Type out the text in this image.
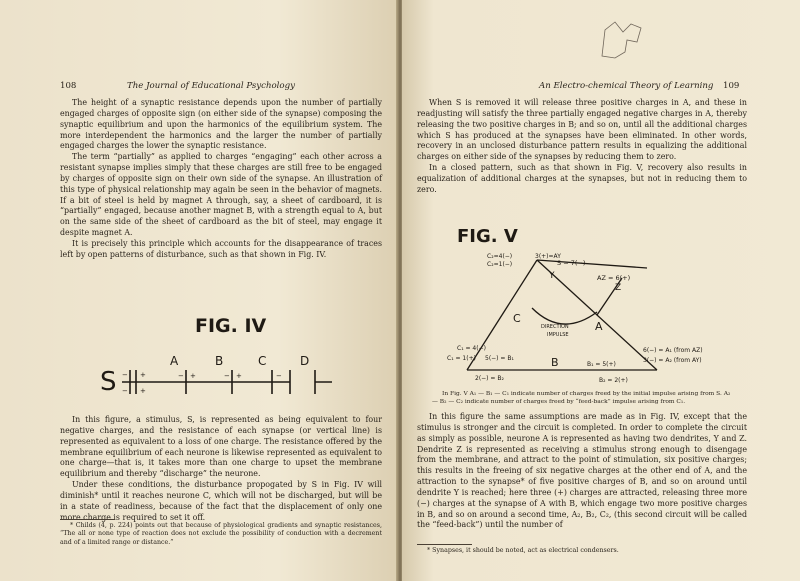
108	The Journal of Educational Psychology

The height of a synaptic resistance depends upon the number of partially engaged charges of opposite sign (on either side of the synapse) composing the synaptic equilibrium and upon the harmonics of the equilibrium system. The more interdependent the harmonics and the larger the number of partially engaged charges the lower the synaptic resistance.

The term “partially” as applied to charges “engaging” each other across a resistant synapse implies simply that these charges are still free to be engaged by charges of opposite sign on their own side of the synapse. An illustration of this type of physical relationship may again be seen in the behavior of magnets. If a bit of steel is held by magnet A through, say, a sheet of cardboard, it is “partially” engaged, because another magnet B, with a strength equal to A, but on the same side of the sheet of cardboard as the bit of steel, may engage it despite magnet A.

It is precisely this principle which accounts for the disappearance of traces left by open patterns of disturbance, such as that shown in Fig. IV.

FIG. IV
S
A	B	C	D
+
+
−
−
+
−	+
−	−

In this figure, a stimulus, S, is represented as being equivalent to four negative charges, and the resistance of each synapse (or vertical line) is represented as equivalent to a loss of one charge. The resistance offered by the membrane equilibrium of each neurone is likewise represented as equivalent to one charge—that is, it takes more than one charge to upset the membrane equilibrium and thereby “discharge” the neurone.

Under these conditions, the disturbance propogated by S in Fig. IV will diminish* until it reaches neurone C, which will not be discharged, but will be in a state of readiness, because of the fact that the displacement of only one more charge is required to set it off.

* Childs (4, p. 224) points out that because of physiological gradients and synaptic resistances, “The all or none type of reaction does not exclude the possibility of conduction with a decrement and of a limited range or distance.”

An Electro-chemical Theory of Learning 109

When S is removed it will release three positive charges in A, and these in readjusting will satisfy the three partially engaged negative charges in A, thereby releasing the two positive charges in B; and so on, until all the additional charges which S has produced at the synapses have been eliminated. In other words, recovery in an unclosed disturbance pattern results in equalizing the additional charges on either side of the synapses by reducing them to zero.

In a closed pattern, such as that shown in Fig. V, recovery also results in equalization of additional charges at the synapses, but not in reducing them to zero.

FIG. V
S = 7(−)
AZ = 6(+)
C₂=4(−)
C₂=1(−)
3(+)=AY
Y
Z
C
A
B
DIRECTION
IMPULSE
C₁ = 4(−)
C₁ = 1(+) 5(−) = B₁
2(−) = B₂
B₁ = 5(+)
B₂ = 2(+)
6(−) = A₁ (from AZ)
3(−) = A₂ (from AY)

In Fig. V A₁ — B₁ — C₁ indicate number of charges freed by the initial impulse arising from S. A₂ — B₂ — C₂ indicate number of charges freed by “feed-back” impulse arising from C₁.

In this figure the same assumptions are made as in Fig. IV, except that the stimulus is stronger and the circuit is completed. In order to complete the circuit as simply as possible, neurone A is represented as having two dendrites, Y and Z. Dendrite Z is represented as receiving a stimulus strong enough to disengage from the membrane, and attract to the point of stimulation, six positive charges; this results in the freeing of six negative charges at the other end of A, and the attraction to the synapse* of five positive charges of B, and so on around until dendrite Y is reached; here three (+) charges are attracted, releasing three more (−) charges at the synapse of A with B, which engage two more positive charges in B, and so on around a second time, A₂, B₂, C₂, (this second circuit will be called the “feed-back”) until the number of

* Synapses, it should be noted, act as electrical condensers.
